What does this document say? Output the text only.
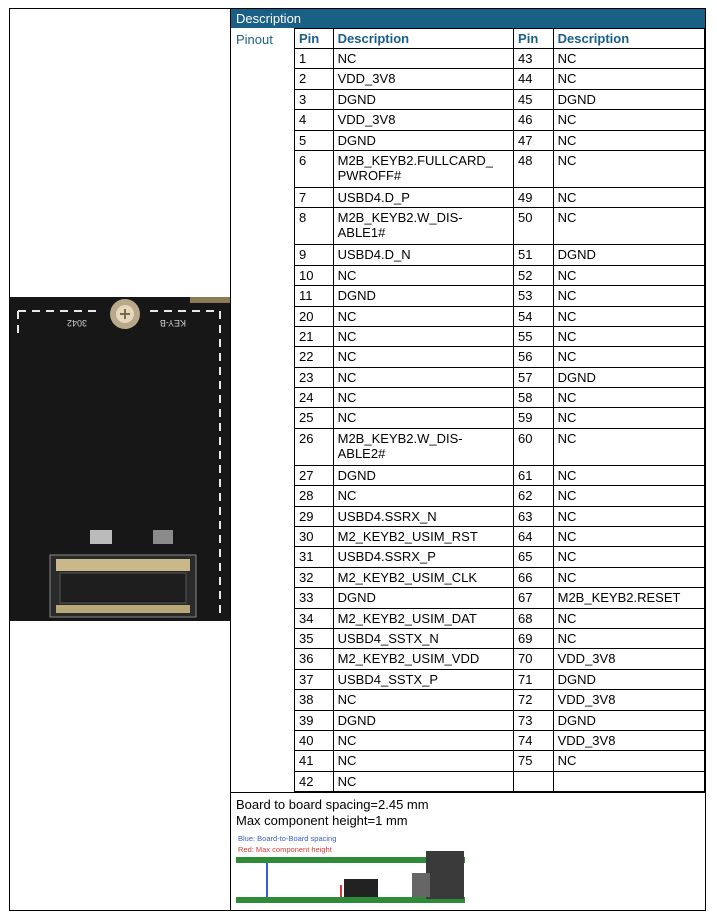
3042	KEY-B
Description
Pinout Pin	Description	Pin	Description
1	NC	43	NC
2	VDD_3V8	44	NC
3	DGND	45	DGND
4	VDD_3V8	46	NC
5	DGND	47	NC
6	M2B_KEYB2.FULLCARD_
PWROFF#	48	NC
7	USBD4.D_P	49	NC
8	M2B_KEYB2.W_DIS-
ABLE1#	50	NC
9	USBD4.D_N	51	DGND
10	NC	52	NC
11	DGND	53	NC
20	NC	54	NC
21	NC	55	NC
22	NC	56	NC
23	NC	57	DGND
24	NC	58	NC
25	NC	59	NC
26	M2B_KEYB2.W_DIS-
ABLE2#	60	NC
27	DGND	61	NC
28	NC	62	NC
29	USBD4.SSRX_N	63	NC
30	M2_KEYB2_USIM_RST	64	NC
31	USBD4.SSRX_P	65	NC
32	M2_KEYB2_USIM_CLK	66	NC
33	DGND	67	M2B_KEYB2.RESET
34	M2_KEYB2_USIM_DAT	68	NC
35	USBD4_SSTX_N	69	NC
36	M2_KEYB2_USIM_VDD	70	VDD_3V8
37	USBD4_SSTX_P	71	DGND
38	NC	72	VDD_3V8
39	DGND	73	DGND
40	NC	74	VDD_3V8
41	NC	75	NC
42	NC		
Board to board spacing=2.45 mm
Max component height=1 mm
Blue: Board-to-Board spacing
Red: Max component height
